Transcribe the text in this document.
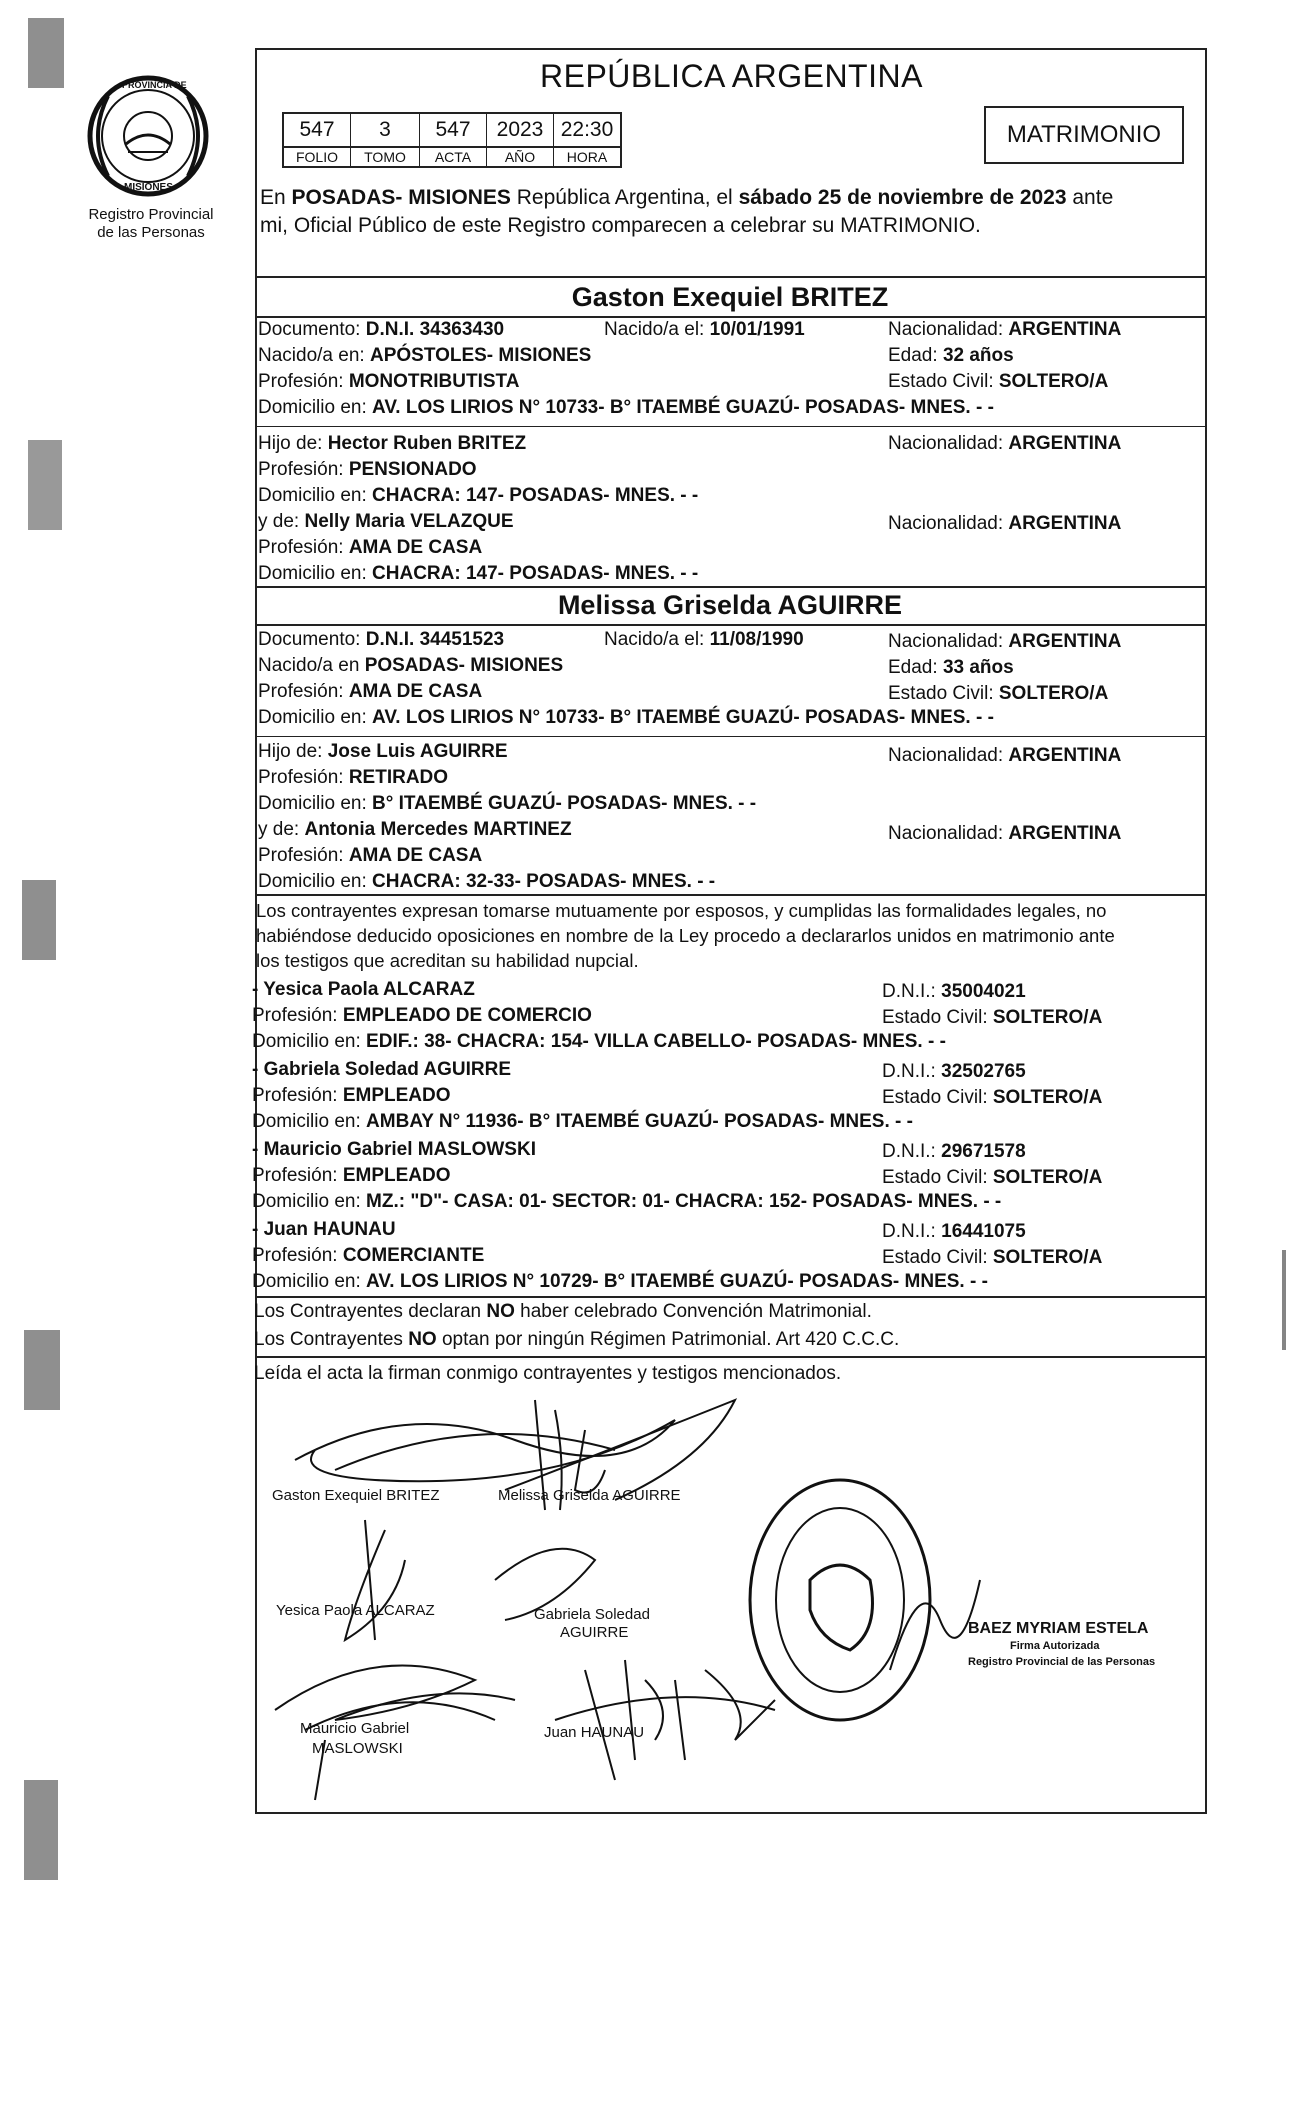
PROVINCIA DE
MISIONES
Registro Provincial
de las Personas
REPÚBLICA ARGENTINA
547	3	547	2023 22:30
FOLIO	TOMO	ACTA	AÑO	HORA
MATRIMONIO
En POSADAS- MISIONES República Argentina, el sábado 25 de noviembre de 2023 ante
mi, Oficial Público de este Registro comparecen a celebrar su MATRIMONIO.
Gaston Exequiel BRITEZ
Documento: D.N.I. 34363430	Nacido/a el: 10/01/1991	Nacionalidad: ARGENTINA
Nacido/a en: APÓSTOLES- MISIONES	Edad: 32 años
Profesión: MONOTRIBUTISTA	Estado Civil: SOLTERO/A
Domicilio en: AV. LOS LIRIOS N° 10733- B° ITAEMBÉ GUAZÚ- POSADAS- MNES. - -
Hijo de: Hector Ruben BRITEZ	Nacionalidad: ARGENTINA
Profesión: PENSIONADO
Domicilio en: CHACRA: 147- POSADAS- MNES. - -
y de: Nelly Maria VELAZQUE	Nacionalidad: ARGENTINA
Profesión: AMA DE CASA
Domicilio en: CHACRA: 147- POSADAS- MNES. - -
Melissa Griselda AGUIRRE
Documento: D.N.I. 34451523	Nacido/a el: 11/08/1990	Nacionalidad: ARGENTINA
Nacido/a en POSADAS- MISIONES	Edad: 33 años
Profesión: AMA DE CASA	Estado Civil: SOLTERO/A
Domicilio en: AV. LOS LIRIOS N° 10733- B° ITAEMBÉ GUAZÚ- POSADAS- MNES. - -
Hijo de: Jose Luis AGUIRRE	Nacionalidad: ARGENTINA
Profesión: RETIRADO
Domicilio en: B° ITAEMBÉ GUAZÚ- POSADAS- MNES. - -
y de: Antonia Mercedes MARTINEZ	Nacionalidad: ARGENTINA
Profesión: AMA DE CASA
Domicilio en: CHACRA: 32-33- POSADAS- MNES. - -
Los contrayentes expresan tomarse mutuamente por esposos, y cumplidas las formalidades legales, no
habiéndose deducido oposiciones en nombre de la Ley procedo a declararlos unidos en matrimonio ante
los testigos que acreditan su habilidad nupcial.
- Yesica Paola ALCARAZ	D.N.I.: 35004021
Profesión: EMPLEADO DE COMERCIO	Estado Civil: SOLTERO/A
Domicilio en: EDIF.: 38- CHACRA: 154- VILLA CABELLO- POSADAS- MNES. - -
- Gabriela Soledad AGUIRRE	D.N.I.: 32502765
Profesión: EMPLEADO	Estado Civil: SOLTERO/A
Domicilio en: AMBAY N° 11936- B° ITAEMBÉ GUAZÚ- POSADAS- MNES. - -
- Mauricio Gabriel MASLOWSKI	D.N.I.: 29671578
Profesión: EMPLEADO	Estado Civil: SOLTERO/A
Domicilio en: MZ.: "D"- CASA: 01- SECTOR: 01- CHACRA: 152- POSADAS- MNES. - -
- Juan HAUNAU	D.N.I.: 16441075
Profesión: COMERCIANTE	Estado Civil: SOLTERO/A
Domicilio en: AV. LOS LIRIOS N° 10729- B° ITAEMBÉ GUAZÚ- POSADAS- MNES. - -
Los Contrayentes declaran NO haber celebrado Convención Matrimonial.
Los Contrayentes NO optan por ningún Régimen Patrimonial. Art 420 C.C.C.
Leída el acta la firman conmigo contrayentes y testigos mencionados.
Gaston Exequiel BRITEZ	Melissa Griselda AGUIRRE
Yesica Paola ALCARAZ	Gabriela Soledad
AGUIRRE
Mauricio Gabriel
MASLOWSKI
Juan HAUNAU
BAEZ MYRIAM ESTELA
Firma Autorizada
Registro Provincial de las Personas
